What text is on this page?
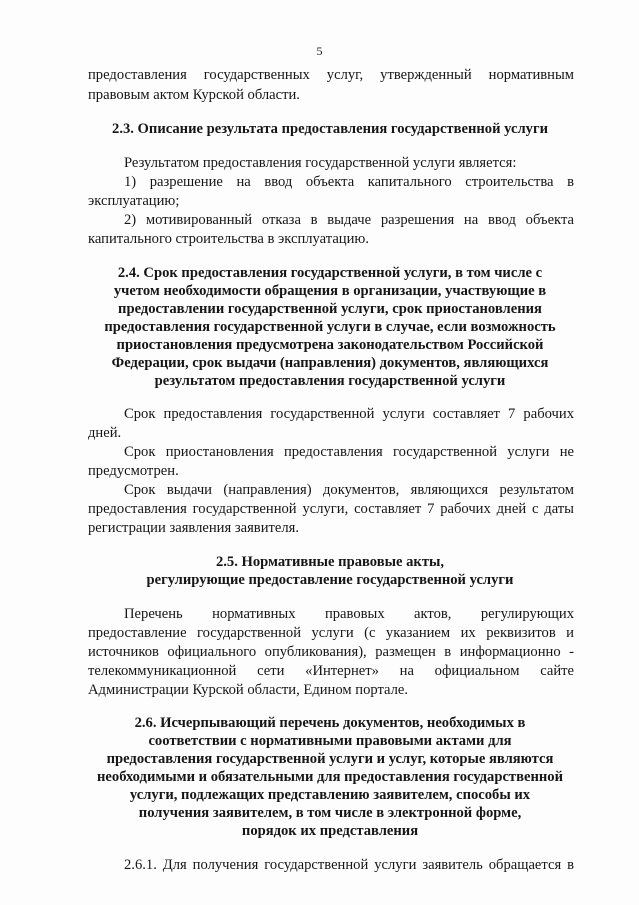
5
предоставления государственных услуг, утвержденный нормативным
правовым актом Курской области.
2.3. Описание результата предоставления государственной услуги
Результатом предоставления государственной услуги является:
1) разрешение на ввод объекта капитального строительства в
эксплуатацию;
2) мотивированный отказа в выдаче разрешения на ввод объекта
капитального строительства в эксплуатацию.
2.4. Срок предоставления государственной услуги, в том числе с
учетом необходимости обращения в организации, участвующие в
предоставлении государственной услуги, срок приостановления
предоставления государственной услуги в случае, если возможность
приостановления предусмотрена законодательством Российской
Федерации, срок выдачи (направления) документов, являющихся
результатом предоставления государственной услуги
Срок предоставления государственной услуги составляет 7 рабочих
дней.
Срок приостановления предоставления государственной услуги не
предусмотрен.
Срок выдачи (направления) документов, являющихся результатом
предоставления государственной услуги, составляет 7 рабочих дней с даты
регистрации заявления заявителя.
2.5. Нормативные правовые акты,
регулирующие предоставление государственной услуги
Перечень нормативных правовых актов, регулирующих
предоставление государственной услуги (с указанием их реквизитов и
источников официального опубликования), размещен в информационно -
телекоммуникационной сети «Интернет» на официальном сайте
Администрации Курской области, Едином портале.
2.6. Исчерпывающий перечень документов, необходимых в
соответствии с нормативными правовыми актами для
предоставления государственной услуги и услуг, которые являются
необходимыми и обязательными для предоставления государственной
услуги, подлежащих представлению заявителем, способы их
получения заявителем, в том числе в электронной форме,
порядок их представления
2.6.1. Для получения государственной услуги заявитель обращается в
